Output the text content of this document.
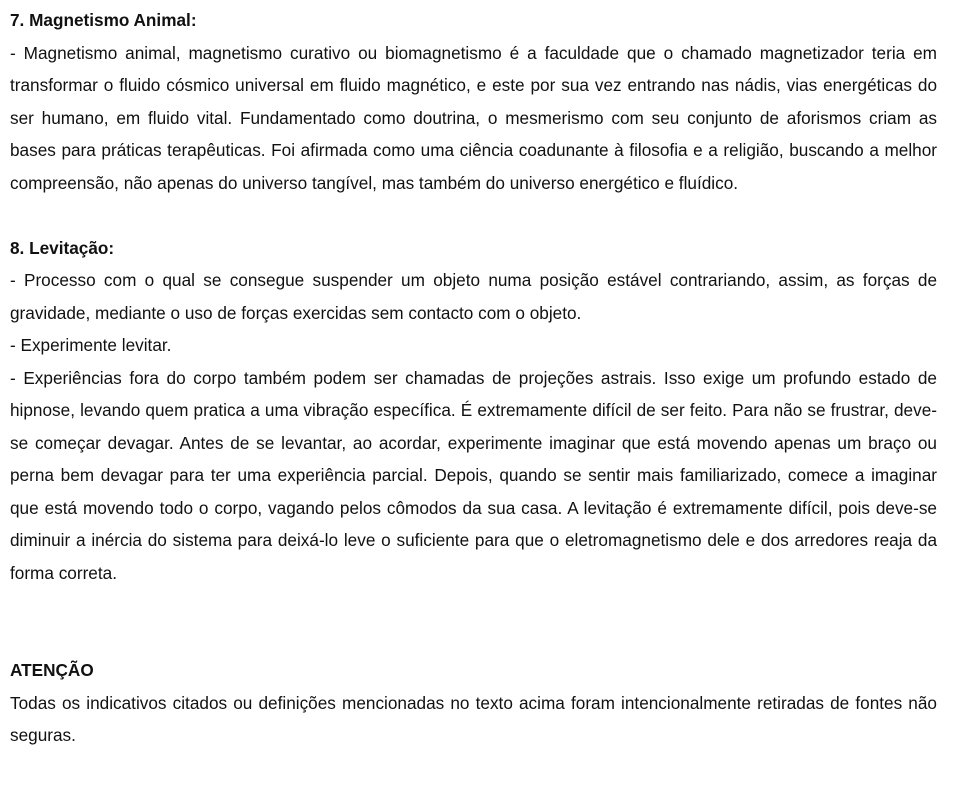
7. Magnetismo Animal:

- Magnetismo animal, magnetismo curativo ou biomagnetismo é a faculdade que o chamado magnetizador teria em transformar o fluido cósmico universal em fluido magnético, e este por sua vez entrando nas nádis, vias energéticas do ser humano, em fluido vital. Fundamentado como doutrina, o mesmerismo com seu conjunto de aforismos criam as bases para práticas terapêuticas. Foi afirmada como uma ciência coadunante à filosofia e a religião, buscando a melhor compreensão, não apenas do universo tangível, mas também do universo energético e fluídico.

8. Levitação:

- Processo com o qual se consegue suspender um objeto numa posição estável contrariando, assim, as forças de gravidade, mediante o uso de forças exercidas sem contacto com o objeto.

- Experimente levitar.

- Experiências fora do corpo também podem ser chamadas de projeções astrais. Isso exige um profundo estado de hipnose, levando quem pratica a uma vibração específica. É extremamente difícil de ser feito. Para não se frustrar, deve-se começar devagar. Antes de se levantar, ao acordar, experimente imaginar que está movendo apenas um braço ou perna bem devagar para ter uma experiência parcial. Depois, quando se sentir mais familiarizado, comece a imaginar que está movendo todo o corpo, vagando pelos cômodos da sua casa. A levitação é extremamente difícil, pois deve-se diminuir a inércia do sistema para deixá-lo leve o suficiente para que o eletromagnetismo dele e dos arredores reaja da forma correta.

ATENÇÃO

Todas os indicativos citados ou definições mencionadas no texto acima foram intencionalmente retiradas de fontes não seguras.
